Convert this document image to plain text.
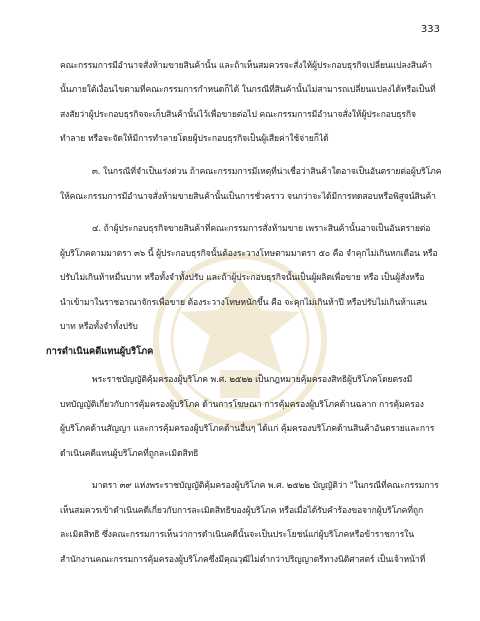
333
คณะกรรมการมีอำนาจสั่งห้ามขายสินค้านั้น และถ้าเห็นสมควรจะสั่งให้ผู้ประกอบธุรกิจเปลี่ยนแปลงสินค้า
นั้นภายใต้เงื่อนไขตามที่คณะกรรมการกำหนดก็ได้ ในกรณีที่สินค้านั้นไม่สามารถเปลี่ยนแปลงได้หรือเป็นที่
สงสัยว่าผู้ประกอบธุรกิจจะเก็บสินค้านั้นไว้เพื่อขายต่อไป คณะกรรมการมีอำนาจสั่งให้ผู้ประกอบธุรกิจ
ทำลาย หรือจะจัดให้มีการทำลายโดยผู้ประกอบธุรกิจเป็นผู้เสียค่าใช้จ่ายก็ได้
๓. ในกรณีที่จำเป็นเร่งด่วน ถ้าคณะกรรมการมีเหตุที่น่าเชื่อว่าสินค้าใดอาจเป็นอันตรายต่อผู้บริโภค
ให้คณะกรรมการมีอำนาจสั่งห้ามขายสินค้านั้นเป็นการชั่วคราว จนกว่าจะได้มีการทดสอบหรือพิสูจน์สินค้า
๔. ถ้าผู้ประกอบธุรกิจขายสินค้าที่คณะกรรมการสั่งห้ามขาย เพราะสินค้านั้นอาจเป็นอันตรายต่อ
ผู้บริโภคตามมาตรา ๓๖ นี้ ผู้ประกอบธุรกิจนั้นต้องระวางโทษตามมาตรา ๕๐ คือ จำคุกไม่เกินหกเดือน หรือ
ปรับไม่เกินห้าหมื่นบาท หรือทั้งจำทั้งปรับ และถ้าผู้ประกอบธุรกิจนั้นเป็นผู้ผลิตเพื่อขาย หรือ เป็นผู้สั่งหรือ
นำเข้ามาในราชอาณาจักรเพื่อขาย ต้องระวางโทษหนักขึ้น คือ จะคุกไม่เกินห้าปี หรือปรับไม่เกินห้าแสน
บาท หรือทั้งจำทั้งปรับ
การดำเนินคดีแทนผู้บริโภค
พระราชบัญญัติคุ้มครองผู้บริโภค พ.ศ. ๒๕๒๒ เป็นกฎหมายคุ้มครองสิทธิผู้บริโภคโดยตรงมี
บทบัญญัติเกี่ยวกับการคุ้มครองผู้บริโภค ด้านการโฆษณา การคุ้มครองผู้บริโภคด้านฉลาก การคุ้มครอง
ผู้บริโภคด้านสัญญา และการคุ้มครองผู้บริโภคด้านอื่นๆ ได้แก่ คุ้มครองบริโภคด้านสินค้าอันตรายและการ
ดำเนินคดีแทนผู้บริโภคที่ถูกละเมิดสิทธิ
มาตรา ๓๙ แห่งพระราชบัญญัติคุ้มครองผู้บริโภค พ.ศ. ๒๕๒๒ บัญญัติว่า "ในกรณีที่คณะกรรมการ
เห็นสมควรเข้าดำเนินคดีเกี่ยวกับการละเมิดสิทธิของผู้บริโภค หรือเมื่อได้รับคำร้องขอจากผู้บริโภคที่ถูก
ละเมิดสิทธิ ซึ่งคณะกรรมการเห็นว่าการดำเนินคดีนั้นจะเป็นประโยชน์แก่ผู้บริโภคหรือข้าราชการใน
สำนักงานคณะกรรมการคุ้มครองผู้บริโภคซึ่งมีคุณวุฒิไม่ต่ำกว่าปริญญาตรีทางนิติศาสตร์ เป็นเจ้าหน้าที่
